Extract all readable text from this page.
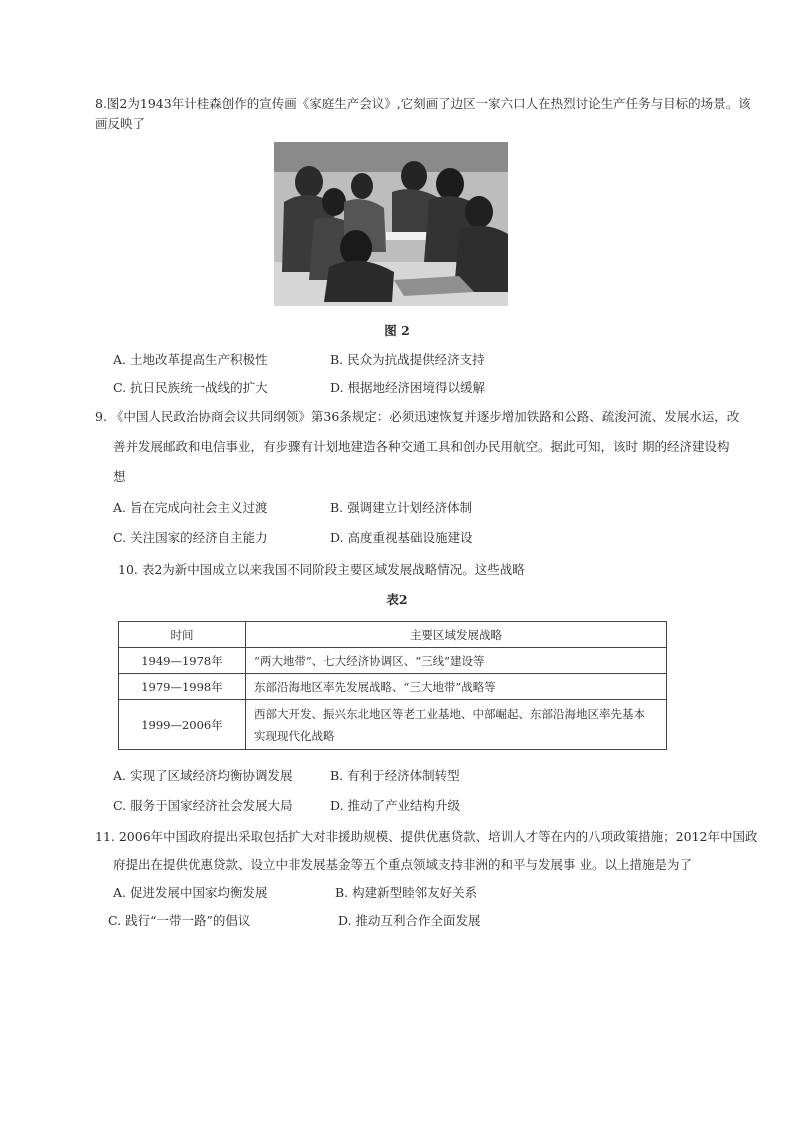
8.图2为1943年计桂森创作的宣传画《家庭生产会议》,它刻画了边区一家六口人在热烈讨论生产任务与目标的场景。该
画反映了
图 2
A. 土地改革提高生产积极性	B. 民众为抗战提供经济支持
C. 抗日民族统一战线的扩大	D. 根据地经济困境得以缓解
9. 《中国人民政治协商会议共同纲领》第36条规定：必须迅速恢复并逐步增加铁路和公路、疏浚河流、发展水运，改
善并发展邮政和电信事业，有步骤有计划地建造各种交通工具和创办民用航空。据此可知，该时 期的经济建设构
想
A. 旨在完成向社会主义过渡	B. 强调建立计划经济体制
C. 关注国家的经济自主能力	D. 高度重视基础设施建设
10. 表2为新中国成立以来我国不同阶段主要区域发展战略情况。这些战略
表2
时间	主要区域发展战略
1949—1978年	“两大地带”、七大经济协调区、“三线”建设等
1979—1998年	东部沿海地区率先发展战略、“三大地带”战略等
1999—2006年	西部大开发、振兴东北地区等老工业基地、中部崛起、东部沿海地区率先基本
实现现代化战略
A. 实现了区域经济均衡协调发展	B. 有利于经济体制转型
C. 服务于国家经济社会发展大局	D. 推动了产业结构升级
11. 2006年中国政府提出采取包括扩大对非援助规模、提供优惠贷款、培训人才等在内的八项政策措施；2012年中国政
府提出在提供优惠贷款、设立中非发展基金等五个重点领域支持非洲的和平与发展事 业。以上措施是为了
A. 促进发展中国家均衡发展	B. 构建新型睦邻友好关系
C. 践行“一带一路”的倡议	D. 推动互利合作全面发展
